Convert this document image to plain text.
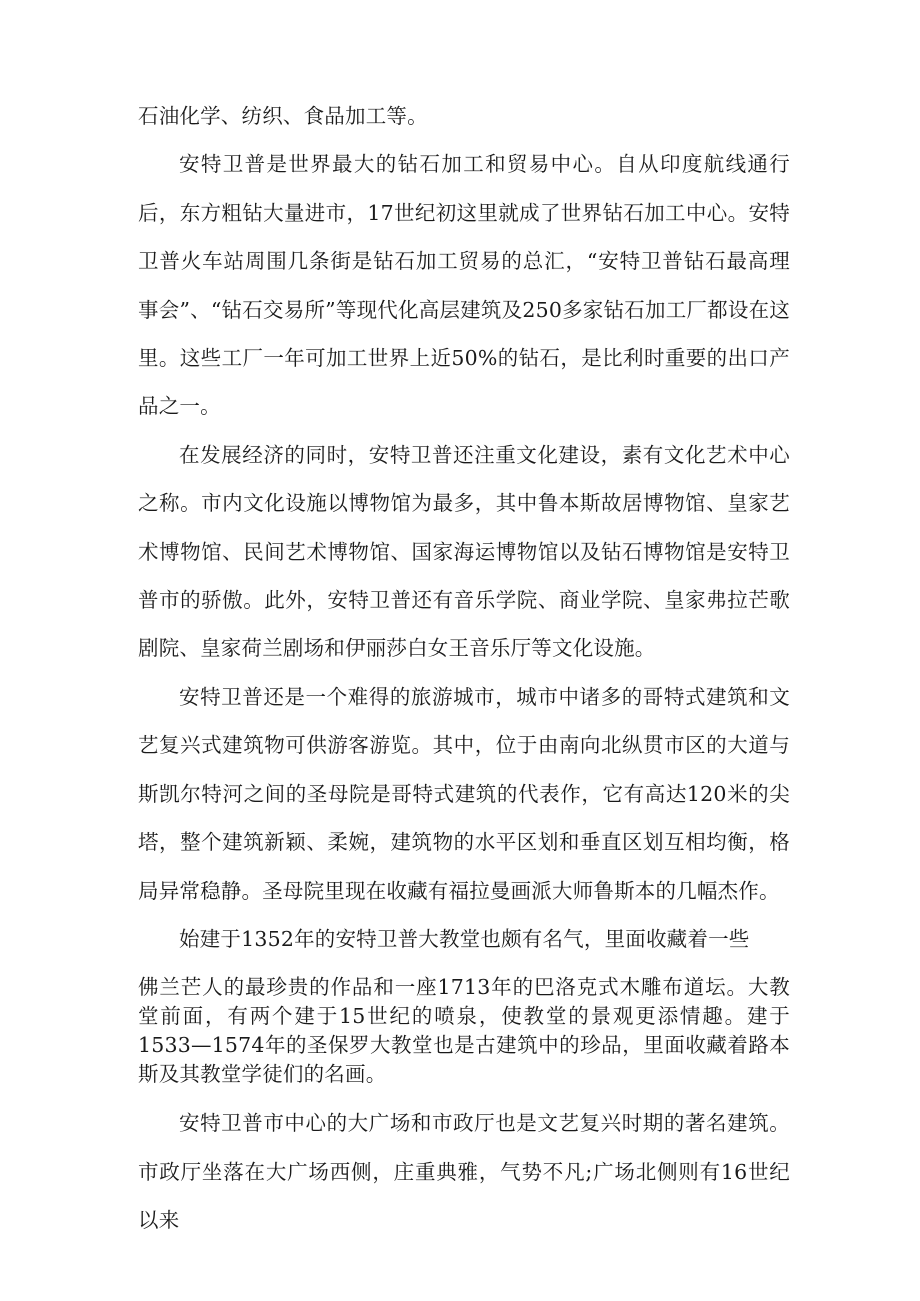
石油化学、纺织、食品加工等。

安特卫普是世界最大的钻石加工和贸易中心。自从印度航线通行后，东方粗钻大量进市，17世纪初这里就成了世界钻石加工中心。安特卫普火车站周围几条街是钻石加工贸易的总汇，“安特卫普钻石最高理事会”、“钻石交易所”等现代化高层建筑及250多家钻石加工厂都设在这里。这些工厂一年可加工世界上近50%的钻石，是比利时重要的出口产品之一。

在发展经济的同时，安特卫普还注重文化建设，素有文化艺术中心之称。市内文化设施以博物馆为最多，其中鲁本斯故居博物馆、皇家艺术博物馆、民间艺术博物馆、国家海运博物馆以及钻石博物馆是安特卫普市的骄傲。此外，安特卫普还有音乐学院、商业学院、皇家弗拉芒歌剧院、皇家荷兰剧场和伊丽莎白女王音乐厅等文化设施。

安特卫普还是一个难得的旅游城市，城市中诸多的哥特式建筑和文艺复兴式建筑物可供游客游览。其中，位于由南向北纵贯市区的大道与斯凯尔特河之间的圣母院是哥特式建筑的代表作，它有高达120米的尖塔，整个建筑新颖、柔婉，建筑物的水平区划和垂直区划互相均衡，格局异常稳静。圣母院里现在收藏有福拉曼画派大师鲁斯本的几幅杰作。

始建于1352年的安特卫普大教堂也颇有名气，里面收藏着一些

佛兰芒人的最珍贵的作品和一座1713年的巴洛克式木雕布道坛。大教堂前面，有两个建于15世纪的喷泉，使教堂的景观更添情趣。建于1533—1574年的圣保罗大教堂也是古建筑中的珍品，里面收藏着路本斯及其教堂学徒们的名画。

安特卫普市中心的大广场和市政厅也是文艺复兴时期的著名建筑。市政厅坐落在大广场西侧，庄重典雅，气势不凡;广场北侧则有16世纪以来
